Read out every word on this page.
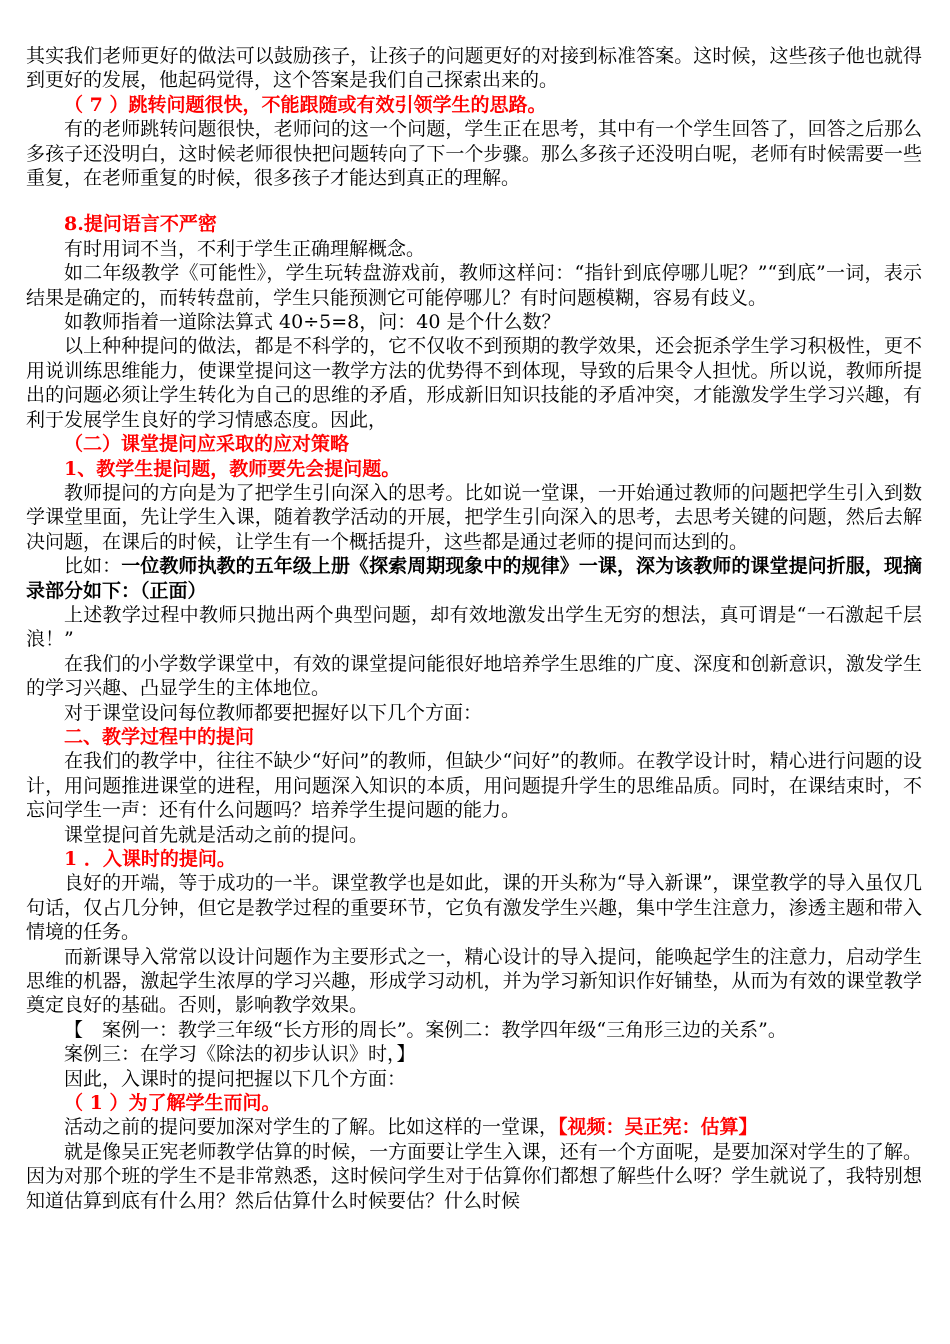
其实我们老师更好的做法可以鼓励孩子，让孩子的问题更好的对接到标准答案。这时候，这些孩子他也就得到更好的发展，他起码觉得，这个答案是我们自己探索出来的。

（ 7 ）跳转问题很快，不能跟随或有效引领学生的思路。

有的老师跳转问题很快，老师问的这一个问题，学生正在思考，其中有一个学生回答了，回答之后那么多孩子还没明白，这时候老师很快把问题转向了下一个步骤。那么多孩子还没明白呢，老师有时候需要一些重复，在老师重复的时候，很多孩子才能达到真正的理解。

8.提问语言不严密

有时用词不当，不利于学生正确理解概念。

如二年级教学《可能性》，学生玩转盘游戏前，教师这样问：“指针到底停哪儿呢？”“到底”一词，表示结果是确定的，而转转盘前，学生只能预测它可能停哪儿？有时问题模糊，容易有歧义。

如教师指着一道除法算式 40÷5=8，问：40 是个什么数？

以上种种提问的做法，都是不科学的，它不仅收不到预期的教学效果，还会扼杀学生学习积极性，更不用说训练思维能力，使课堂提问这一教学方法的优势得不到体现，导致的后果令人担忧。所以说，教师所提出的问题必须让学生转化为自己的思维的矛盾，形成新旧知识技能的矛盾冲突，才能激发学生学习兴趣，有利于发展学生良好的学习情感态度。因此，

（二）课堂提问应采取的应对策略

1、教学生提问题，教师要先会提问题。

教师提问的方向是为了把学生引向深入的思考。比如说一堂课，一开始通过教师的问题把学生引入到数学课堂里面，先让学生入课，随着教学活动的开展，把学生引向深入的思考，去思考关键的问题，然后去解决问题，在课后的时候，让学生有一个概括提升，这些都是通过老师的提问而达到的。

比如：一位教师执教的五年级上册《探索周期现象中的规律》一课，深为该教师的课堂提问折服，现摘录部分如下：（正面）

上述教学过程中教师只抛出两个典型问题，却有效地激发出学生无穷的想法，真可谓是“一石激起千层浪！”

在我们的小学数学课堂中，有效的课堂提问能很好地培养学生思维的广度、深度和创新意识，激发学生的学习兴趣、凸显学生的主体地位。

对于课堂设问每位教师都要把握好以下几个方面：

二、教学过程中的提问

在我们的教学中，往往不缺少“好问”的教师，但缺少“问好”的教师。在教学设计时，精心进行问题的设计，用问题推进课堂的进程，用问题深入知识的本质，用问题提升学生的思维品质。同时，在课结束时，不忘问学生一声：还有什么问题吗？培养学生提问题的能力。

课堂提问首先就是活动之前的提问。

1 ．入课时的提问。

良好的开端，等于成功的一半。课堂教学也是如此，课的开头称为“导入新课”，课堂教学的导入虽仅几句话，仅占几分钟，但它是教学过程的重要环节，它负有激发学生兴趣，集中学生注意力，渗透主题和带入情境的任务。

而新课导入常常以设计问题作为主要形式之一，精心设计的导入提问，能唤起学生的注意力，启动学生思维的机器，激起学生浓厚的学习兴趣，形成学习动机，并为学习新知识作好铺垫，从而为有效的课堂教学奠定良好的基础。否则，影响教学效果。

【　案例一：教学三年级“长方形的周长”。案例二：教学四年级“三角形三边的关系”。

案例三：在学习《除法的初步认识》时，】

因此，入课时的提问把握以下几个方面：

（ 1 ）为了解学生而问。

活动之前的提问要加深对学生的了解。比如这样的一堂课，【视频：吴正宪：估算】

就是像吴正宪老师教学估算的时候，一方面要让学生入课，还有一个方面呢，是要加深对学生的了解。因为对那个班的学生不是非常熟悉，这时候问学生对于估算你们都想了解些什么呀？学生就说了，我特别想知道估算到底有什么用？然后估算什么时候要估？什么时候
